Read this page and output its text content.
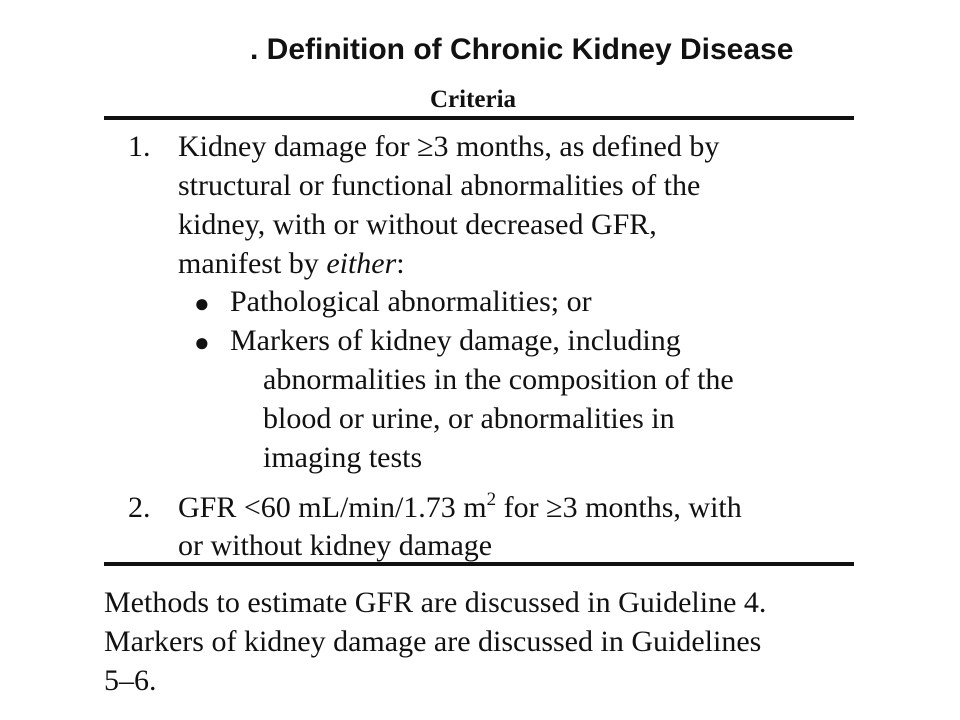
. Definition of Chronic Kidney Disease
Criteria
1. Kidney damage for ≥3 months, as defined by
structural or functional abnormalities of the
kidney, with or without decreased GFR,
manifest by either:
● Pathological abnormalities; or
● Markers of kidney damage, including
abnormalities in the composition of the
blood or urine, or abnormalities in
imaging tests
2. GFR <60 mL/min/1.73 $m^2$ for ≥3 months, with
or without kidney damage
Methods to estimate GFR are discussed in Guideline 4.
Markers of kidney damage are discussed in Guidelines
5–6.
